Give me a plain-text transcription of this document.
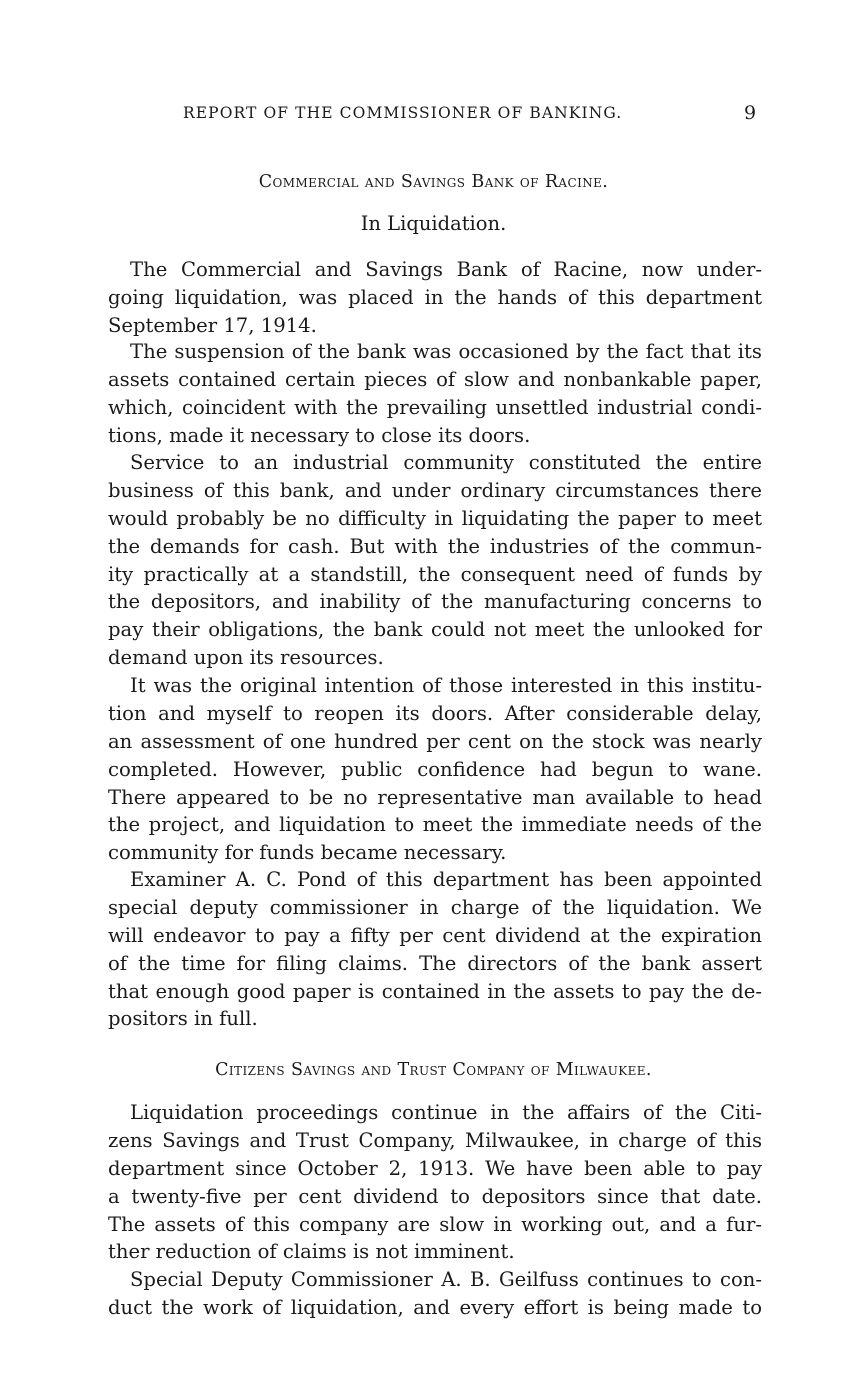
REPORT OF THE COMMISSIONER OF BANKING.	9
Commercial and Savings Bank of Racine.
In Liquidation.
The Commercial and Savings Bank of Racine, now under-
going liquidation, was placed in the hands of this department
September 17, 1914.
The suspension of the bank was occasioned by the fact that its
assets contained certain pieces of slow and nonbankable paper,
which, coincident with the prevailing unsettled industrial condi-
tions, made it necessary to close its doors.
Service to an industrial community constituted the entire
business of this bank, and under ordinary circumstances there
would probably be no difficulty in liquidating the paper to meet
the demands for cash. But with the industries of the commun-
ity practically at a standstill, the consequent need of funds by
the depositors, and inability of the manufacturing concerns to
pay their obligations, the bank could not meet the unlooked for
demand upon its resources.
It was the original intention of those interested in this institu-
tion and myself to reopen its doors. After considerable delay,
an assessment of one hundred per cent on the stock was nearly
completed. However, public confidence had begun to wane.
There appeared to be no representative man available to head
the project, and liquidation to meet the immediate needs of the
community for funds became necessary.
Examiner A. C. Pond of this department has been appointed
special deputy commissioner in charge of the liquidation. We
will endeavor to pay a fifty per cent dividend at the expiration
of the time for filing claims. The directors of the bank assert
that enough good paper is contained in the assets to pay the de-
positors in full.
Citizens Savings and Trust Company of Milwaukee.
Liquidation proceedings continue in the affairs of the Citi-
zens Savings and Trust Company, Milwaukee, in charge of this
department since October 2, 1913. We have been able to pay
a twenty-five per cent dividend to depositors since that date.
The assets of this company are slow in working out, and a fur-
ther reduction of claims is not imminent.
Special Deputy Commissioner A. B. Geilfuss continues to con-
duct the work of liquidation, and every effort is being made to
